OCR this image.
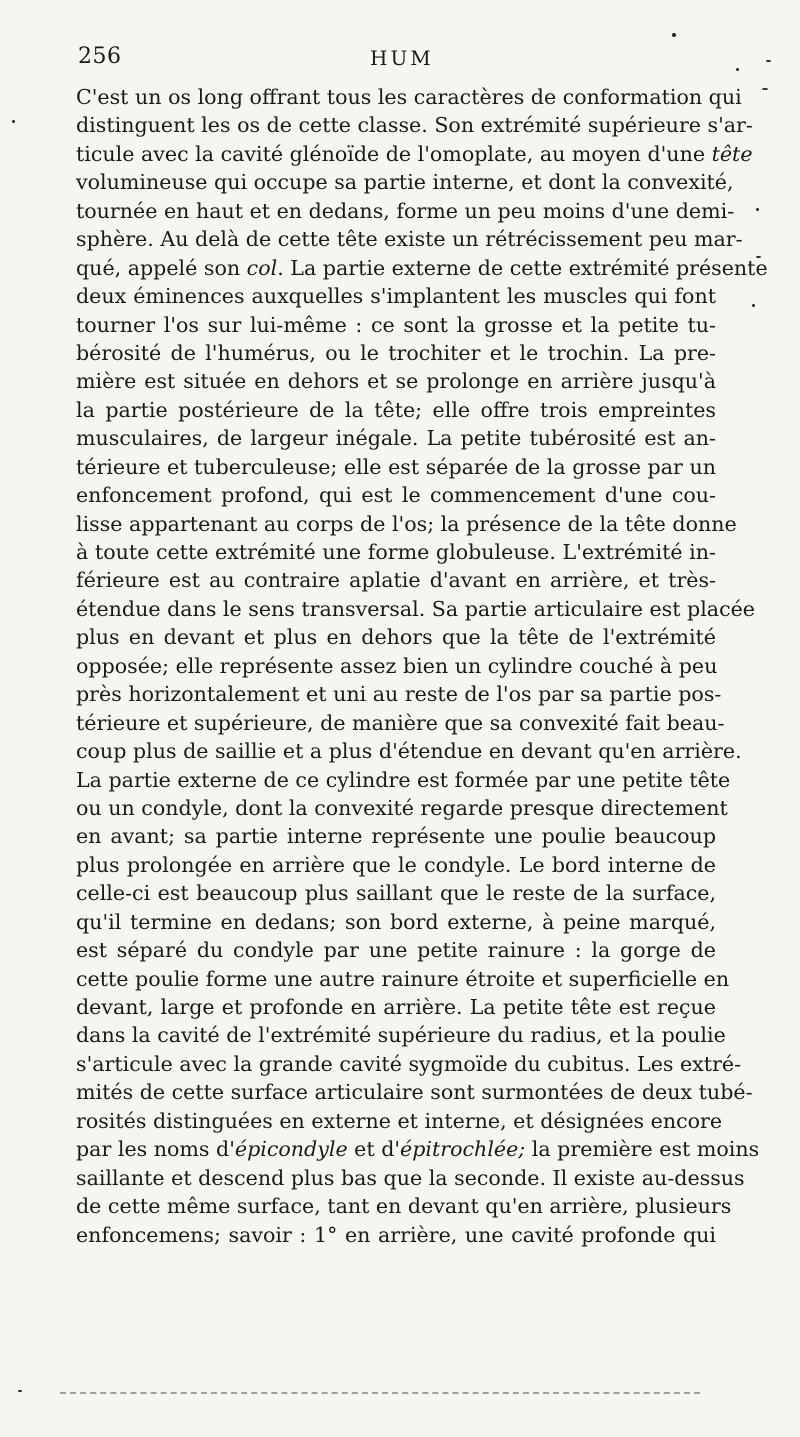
256	HUM
C'est un os long offrant tous les caractères de conformation qui
distinguent les os de cette classe. Son extrémité supérieure s'ar-
ticule avec la cavité glénoïde de l'omoplate, au moyen d'une tête
volumineuse qui occupe sa partie interne, et dont la convexité,
tournée en haut et en dedans, forme un peu moins d'une demi-
sphère. Au delà de cette tête existe un rétrécissement peu mar-
qué, appelé son col. La partie externe de cette extrémité présente
deux éminences auxquelles s'implantent les muscles qui font
tourner l'os sur lui-même : ce sont la grosse et la petite tu-
bérosité de l'humérus, ou le trochiter et le trochin. La pre-
mière est située en dehors et se prolonge en arrière jusqu'à
la partie postérieure de la tête; elle offre trois empreintes
musculaires, de largeur inégale. La petite tubérosité est an-
térieure et tuberculeuse; elle est séparée de la grosse par un
enfoncement profond, qui est le commencement d'une cou-
lisse appartenant au corps de l'os; la présence de la tête donne
à toute cette extrémité une forme globuleuse. L'extrémité in-
férieure est au contraire aplatie d'avant en arrière, et très-
étendue dans le sens transversal. Sa partie articulaire est placée
plus en devant et plus en dehors que la tête de l'extrémité
opposée; elle représente assez bien un cylindre couché à peu
près horizontalement et uni au reste de l'os par sa partie pos-
térieure et supérieure, de manière que sa convexité fait beau-
coup plus de saillie et a plus d'étendue en devant qu'en arrière.
La partie externe de ce cylindre est formée par une petite tête
ou un condyle, dont la convexité regarde presque directement
en avant; sa partie interne représente une poulie beaucoup
plus prolongée en arrière que le condyle. Le bord interne de
celle-ci est beaucoup plus saillant que le reste de la surface,
qu'il termine en dedans; son bord externe, à peine marqué,
est séparé du condyle par une petite rainure : la gorge de
cette poulie forme une autre rainure étroite et superficielle en
devant, large et profonde en arrière. La petite tête est reçue
dans la cavité de l'extrémité supérieure du radius, et la poulie
s'articule avec la grande cavité sygmoïde du cubitus. Les extré-
mités de cette surface articulaire sont surmontées de deux tubé-
rosités distinguées en externe et interne, et désignées encore
par les noms d'épicondyle et d'épitrochlée; la première est moins
saillante et descend plus bas que la seconde. Il existe au-dessus
de cette même surface, tant en devant qu'en arrière, plusieurs
enfoncemens; savoir : 1° en arrière, une cavité profonde qui
